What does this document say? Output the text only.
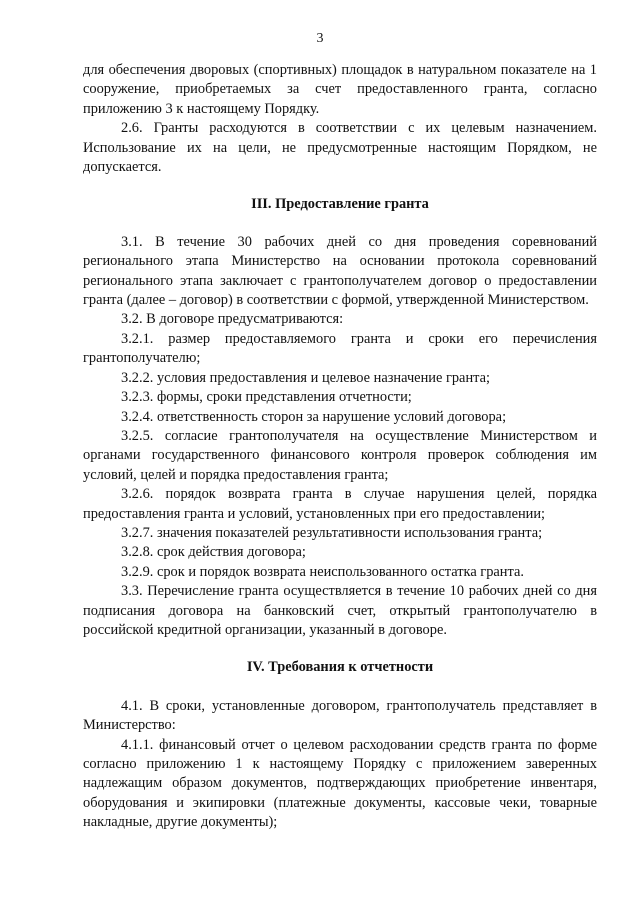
3

для обеспечения дворовых (спортивных) площадок в натуральном показателе на 1 сооружение, приобретаемых за счет предоставленного гранта, согласно приложению 3 к настоящему Порядку.

2.6. Гранты расходуются в соответствии с их целевым назначением. Использование их на цели, не предусмотренные настоящим Порядком, не допускается.

III. Предоставление гранта

3.1. В течение 30 рабочих дней со дня проведения соревнований регионального этапа Министерство на основании протокола соревнований регионального этапа заключает с грантополучателем договор о предоставлении гранта (далее – договор) в соответствии с формой, утвержденной Министерством.

3.2. В договоре предусматриваются:

3.2.1. размер предоставляемого гранта и сроки его перечисления грантополучателю;

3.2.2. условия предоставления и целевое назначение гранта;

3.2.3. формы, сроки представления отчетности;

3.2.4. ответственность сторон за нарушение условий договора;

3.2.5. согласие грантополучателя на осуществление Министерством и органами государственного финансового контроля проверок соблюдения им условий, целей и порядка предоставления гранта;

3.2.6. порядок возврата гранта в случае нарушения целей, порядка предоставления гранта и условий, установленных при его предоставлении;

3.2.7. значения показателей результативности использования гранта;

3.2.8. срок действия договора;

3.2.9. срок и порядок возврата неиспользованного остатка гранта.

3.3. Перечисление гранта осуществляется в течение 10 рабочих дней со дня подписания договора на банковский счет, открытый грантополучателю в российской кредитной организации, указанный в договоре.

IV. Требования к отчетности

4.1. В сроки, установленные договором, грантополучатель представляет в Министерство:

4.1.1. финансовый отчет о целевом расходовании средств гранта по форме согласно приложению 1 к настоящему Порядку с приложением заверенных надлежащим образом документов, подтверждающих приобретение инвентаря, оборудования и экипировки (платежные документы, кассовые чеки, товарные накладные, другие документы);
